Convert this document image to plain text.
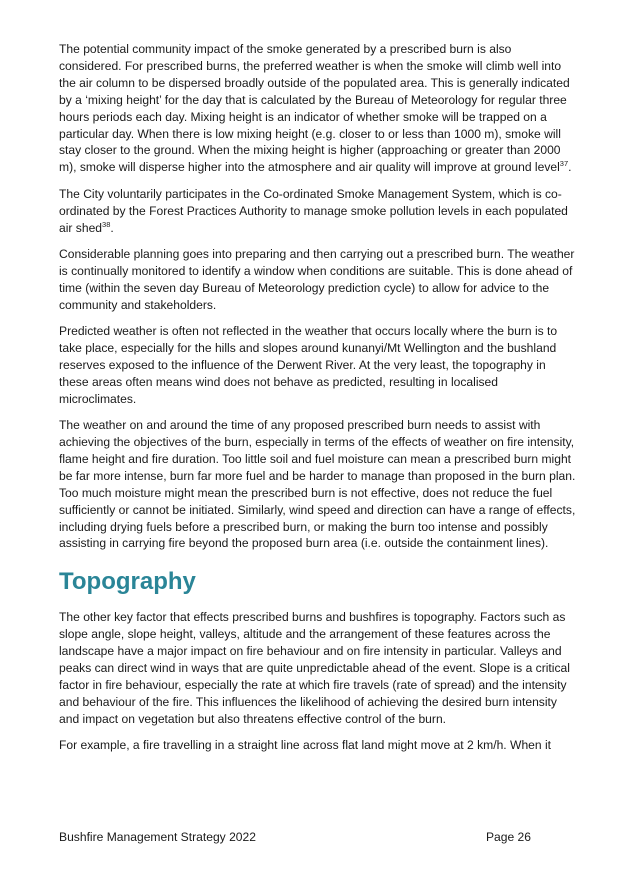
The potential community impact of the smoke generated by a prescribed burn is also considered. For prescribed burns, the preferred weather is when the smoke will climb well into the air column to be dispersed broadly outside of the populated area. This is generally indicated by a ‘mixing height’ for the day that is calculated by the Bureau of Meteorology for regular three hours periods each day. Mixing height is an indicator of whether smoke will be trapped on a particular day. When there is low mixing height (e.g. closer to or less than 1000 m), smoke will stay closer to the ground. When the mixing height is higher (approaching or greater than 2000 m), smoke will disperse higher into the atmosphere and air quality will improve at ground level$^{37}$.

The City voluntarily participates in the Co-ordinated Smoke Management System, which is co-ordinated by the Forest Practices Authority to manage smoke pollution levels in each populated air shed$^{38}$.

Considerable planning goes into preparing and then carrying out a prescribed burn. The weather is continually monitored to identify a window when conditions are suitable. This is done ahead of time (within the seven day Bureau of Meteorology prediction cycle) to allow for advice to the community and stakeholders.

Predicted weather is often not reflected in the weather that occurs locally where the burn is to take place, especially for the hills and slopes around kunanyi/Mt Wellington and the bushland reserves exposed to the influence of the Derwent River. At the very least, the topography in these areas often means wind does not behave as predicted, resulting in localised microclimates.

The weather on and around the time of any proposed prescribed burn needs to assist with achieving the objectives of the burn, especially in terms of the effects of weather on fire intensity, flame height and fire duration. Too little soil and fuel moisture can mean a prescribed burn might be far more intense, burn far more fuel and be harder to manage than proposed in the burn plan. Too much moisture might mean the prescribed burn is not effective, does not reduce the fuel sufficiently or cannot be initiated. Similarly, wind speed and direction can have a range of effects, including drying fuels before a prescribed burn, or making the burn too intense and possibly assisting in carrying fire beyond the proposed burn area (i.e. outside the containment lines).

Topography

The other key factor that effects prescribed burns and bushfires is topography. Factors such as slope angle, slope height, valleys, altitude and the arrangement of these features across the landscape have a major impact on fire behaviour and on fire intensity in particular. Valleys and peaks can direct wind in ways that are quite unpredictable ahead of the event. Slope is a critical factor in fire behaviour, especially the rate at which fire travels (rate of spread) and the intensity and behaviour of the fire. This influences the likelihood of achieving the desired burn intensity and impact on vegetation but also threatens effective control of the burn.

For example, a fire travelling in a straight line across flat land might move at 2 km/h. When it

Bushfire Management Strategy 2022	Page 26
